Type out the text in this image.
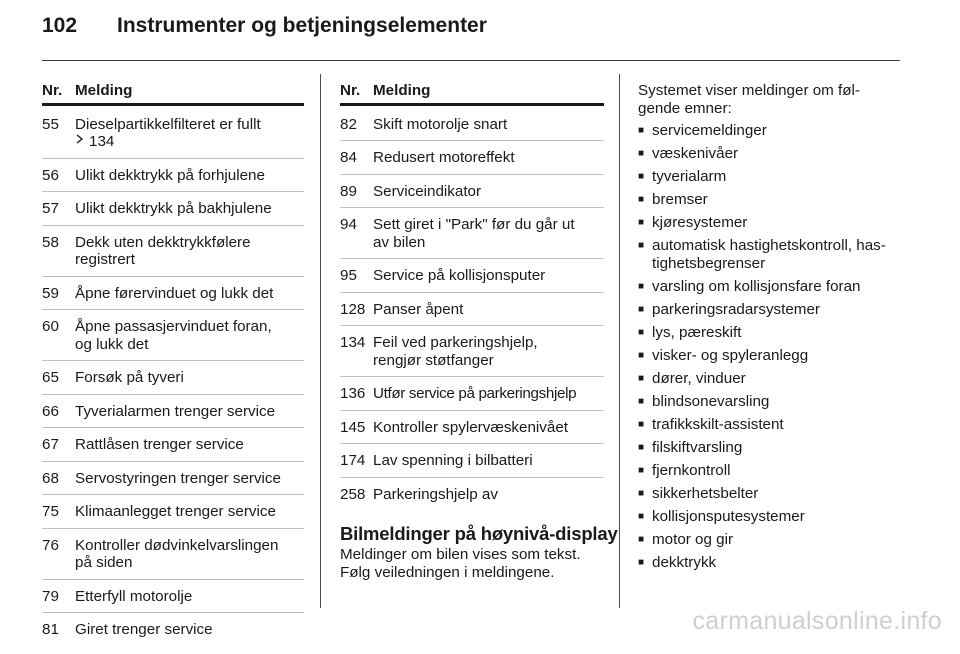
102 Instrumenter og betjeningselementer
Nr. Melding
55	Dieselpartikkelfilteret er fullt
134
56	Ulikt dekktrykk på forhjulene
57	Ulikt dekktrykk på bakhjulene
58	Dekk uten dekktrykkfølere
registrert
59	Åpne førervinduet og lukk det
60	Åpne passasjervinduet foran,
og lukk det
65	Forsøk på tyveri
66	Tyverialarmen trenger service
67	Rattlåsen trenger service
68	Servostyringen trenger service
75	Klimaanlegget trenger service
76	Kontroller dødvinkelvarslingen
på siden
79	Etterfyll motorolje
81	Giret trenger service
Nr. Melding
82	Skift motorolje snart
84	Redusert motoreffekt
89	Serviceindikator
94	Sett giret i "Park" før du går ut
av bilen
95	Service på kollisjonsputer
128 Panser åpent
134 Feil ved parkeringshjelp,
rengjør støtfanger
136 Utfør service på parkeringshjelp
145 Kontroller spylervæskenivået
174 Lav spenning i bilbatteri
258 Parkeringshjelp av
Bilmeldinger på høynivå-display

Meldinger om bilen vises som tekst.
Følg veiledningen i meldingene.

Systemet viser meldinger om føl-
gende emner:

■ servicemeldinger
■ væskenivåer
■ tyverialarm
■ bremser
■ kjøresystemer
■ automatisk hastighetskontroll, has-
tighetsbegrenser
■ varsling om kollisjonsfare foran
■ parkeringsradarsystemer
■ lys, pæreskift
■ visker- og spyleranlegg
■ dører, vinduer
■ blindsonevarsling
■ trafikkskilt-assistent
■ filskiftvarsling
■ fjernkontroll
■ sikkerhetsbelter
■ kollisjonsputesystemer
■ motor og gir
■ dekktrykk
carmanualsonline.info
